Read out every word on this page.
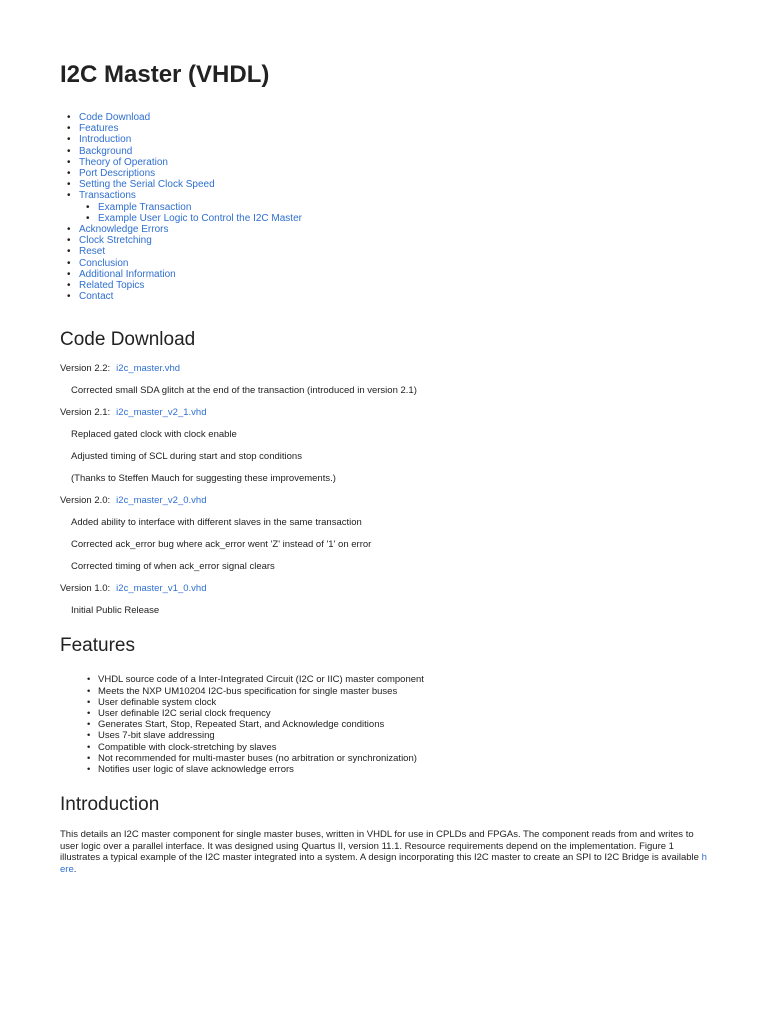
I2C Master (VHDL)
• Code Download
• Features
• Introduction
• Background
• Theory of Operation
• Port Descriptions
• Setting the Serial Clock Speed
• Transactions
• Example Transaction
• Example User Logic to Control the I2C Master
• Acknowledge Errors
• Clock Stretching
• Reset
• Conclusion
• Additional Information
• Related Topics
• Contact
Code Download

Version 2.2: i2c_master.vhd

Corrected small SDA glitch at the end of the transaction (introduced in version 2.1)

Version 2.1: i2c_master_v2_1.vhd

Replaced gated clock with clock enable

Adjusted timing of SCL during start and stop conditions

(Thanks to Steffen Mauch for suggesting these improvements.)

Version 2.0: i2c_master_v2_0.vhd

Added ability to interface with different slaves in the same transaction

Corrected ack_error bug where ack_error went 'Z' instead of '1' on error

Corrected timing of when ack_error signal clears

Version 1.0: i2c_master_v1_0.vhd

Initial Public Release

Features
• VHDL source code of a Inter-Integrated Circuit (I2C or IIC) master component
• Meets the NXP UM10204 I2C-bus specification for single master buses
• User definable system clock
• User definable I2C serial clock frequency
• Generates Start, Stop, Repeated Start, and Acknowledge conditions
• Uses 7-bit slave addressing
• Compatible with clock-stretching by slaves
• Not recommended for multi-master buses (no arbitration or synchronization)
• Notifies user logic of slave acknowledge errors
Introduction

This details an I2C master component for single master buses, written in VHDL for use in CPLDs and FPGAs. The component reads from and writes to user logic over a parallel interface. It was designed using Quartus II, version 11.1. Resource requirements depend on the implementation. Figure 1 illustrates a typical example of the I2C master integrated into a system. A design incorporating this I2C master to create an SPI to I2C Bridge is available h​ere.
